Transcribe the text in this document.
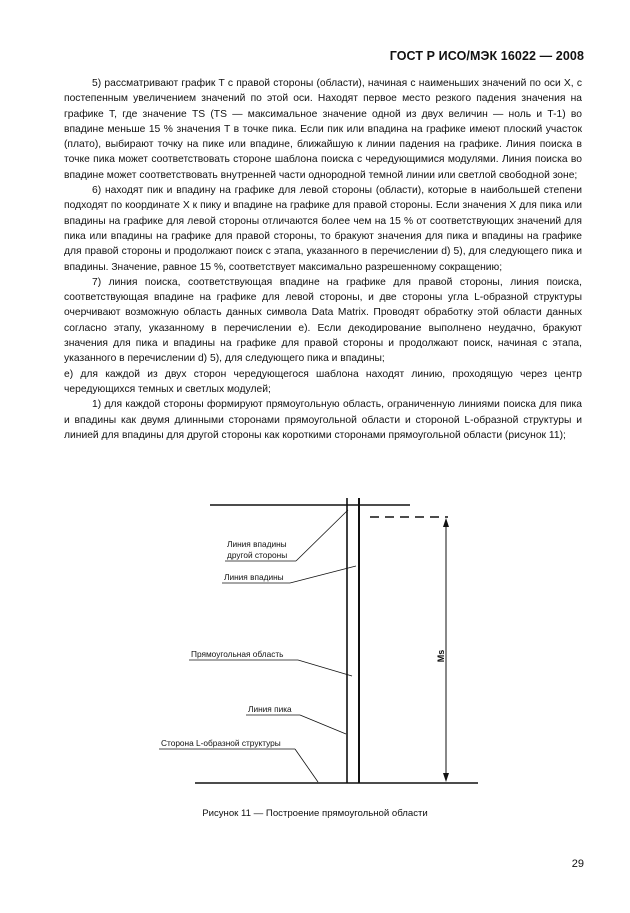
ГОСТ Р ИСО/МЭК 16022 — 2008

5) рассматривают график T с правой стороны (области), начиная с наименьших значений по оси X, с постепенным увеличением значений по этой оси. Находят первое место резкого падения значения на графике T, где значение TS (TS — максимальное значение одной из двух величин — ноль и T-1) во впадине меньше 15 % значения T в точке пика. Если пик или впадина на графике имеют плоский участок (плато), выбирают точку на пике или впадине, ближайшую к линии падения на графике. Линия поиска в точке пика может соответствовать стороне шаблона поиска с чередующимися модулями. Линия поиска во впадине может соответствовать внутренней части однородной темной линии или светлой свободной зоне;

6) находят пик и впадину на графике для левой стороны (области), которые в наибольшей степени подходят по координате X к пику и впадине на графике для правой стороны. Если значения X для пика или впадины на графике для левой стороны отличаются более чем на 15 % от соответствующих значений для пика или впадины на графике для правой стороны, то бракуют значения для пика и впадины на графике для правой стороны и продолжают поиск с этапа, указанного в перечислении d) 5), для следующего пика и впадины. Значение, равное 15 %, соответствует максимально разрешенному сокращению;

7) линия поиска, соответствующая впадине на графике для правой стороны, линия поиска, соответствующая впадине на графике для левой стороны, и две стороны угла L-образной структуры очерчивают возможную область данных символа Data Matrix. Проводят обработку этой области данных согласно этапу, указанному в перечислении е). Если декодирование выполнено неудачно, бракуют значения для пика и впадины на графике для правой стороны и продолжают поиск, начиная с этапа, указанного в перечислении d) 5), для следующего пика и впадины;

е) для каждой из двух сторон чередующегося шаблона находят линию, проходящую через центр чередующихся темных и светлых модулей;

1) для каждой стороны формируют прямоугольную область, ограниченную линиями поиска для пика и впадины как двумя длинными сторонами прямоугольной области и стороной L-образной структуры и линией для впадины для другой стороны как короткими сторонами прямоугольной области (рисунок 11);

Ms
Линия впадины
другой стороны
Линия впадины
Прямоугольная область
Линия пика
Сторона L-образной структуры
Рисунок 11 — Построение прямоугольной области
29
